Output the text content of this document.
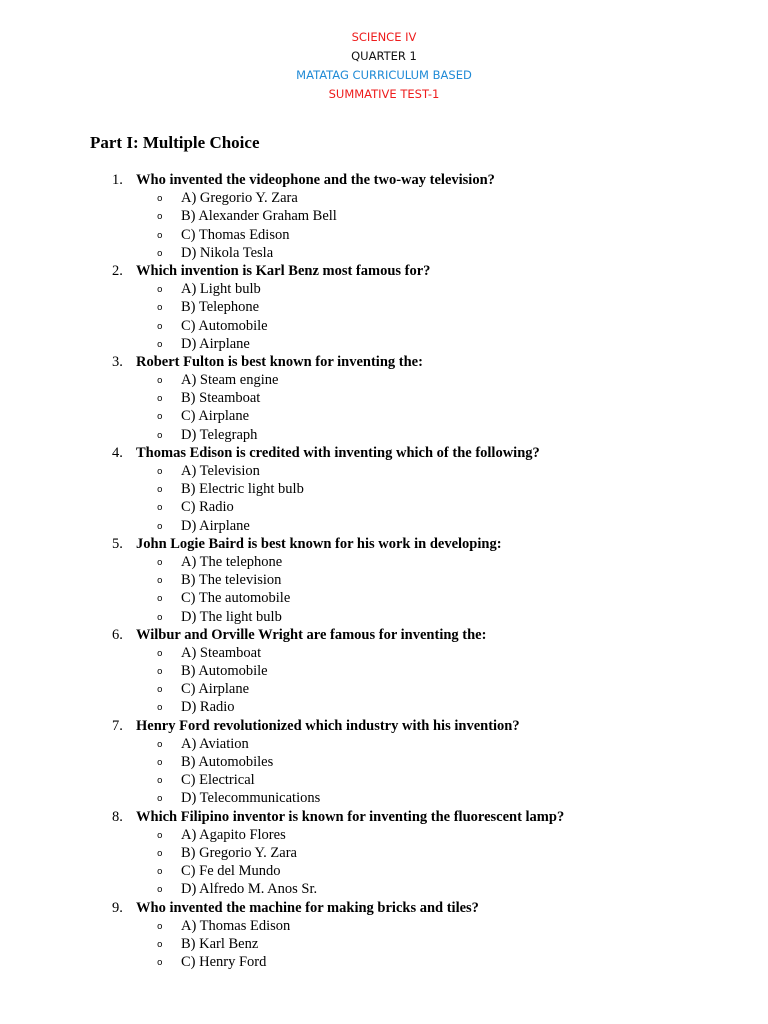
SCIENCE IV
QUARTER 1
MATATAG CURRICULUM BASED
SUMMATIVE TEST-1
Part I: Multiple Choice
1. Who invented the videophone and the two-way television?
o A) Gregorio Y. Zara
o B) Alexander Graham Bell
o C) Thomas Edison
o D) Nikola Tesla
2. Which invention is Karl Benz most famous for?
o A) Light bulb
o B) Telephone
o C) Automobile
o D) Airplane
3. Robert Fulton is best known for inventing the:
o A) Steam engine
o B) Steamboat
o C) Airplane
o D) Telegraph
4. Thomas Edison is credited with inventing which of the following?
o A) Television
o B) Electric light bulb
o C) Radio
o D) Airplane
5. John Logie Baird is best known for his work in developing:
o A) The telephone
o B) The television
o C) The automobile
o D) The light bulb
6. Wilbur and Orville Wright are famous for inventing the:
o A) Steamboat
o B) Automobile
o C) Airplane
o D) Radio
7. Henry Ford revolutionized which industry with his invention?
o A) Aviation
o B) Automobiles
o C) Electrical
o D) Telecommunications
8. Which Filipino inventor is known for inventing the fluorescent lamp?
o A) Agapito Flores
o B) Gregorio Y. Zara
o C) Fe del Mundo
o D) Alfredo M. Anos Sr.
9. Who invented the machine for making bricks and tiles?
o A) Thomas Edison
o B) Karl Benz
o C) Henry Ford
